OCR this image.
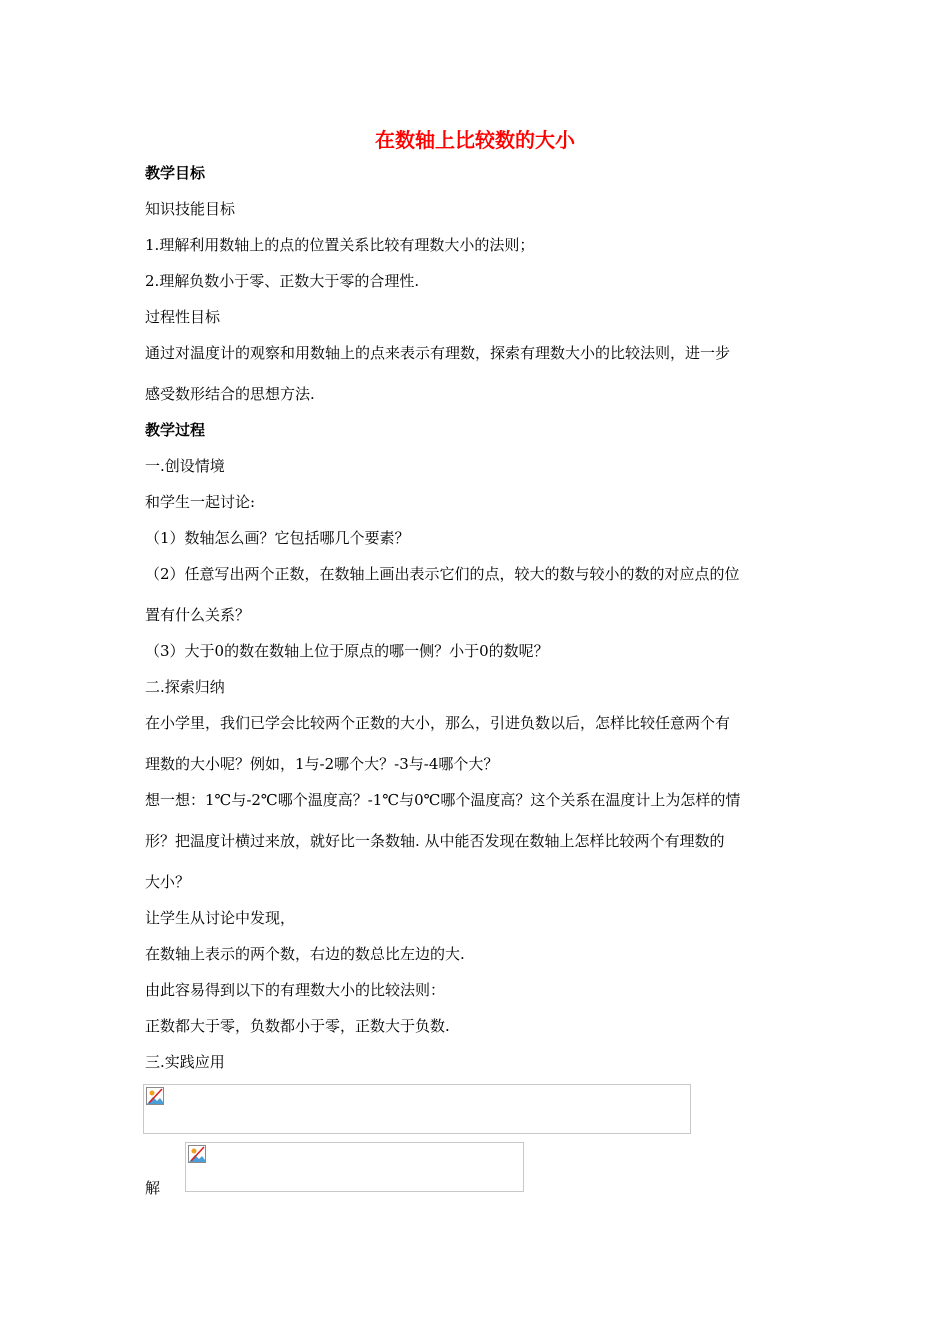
在数轴上比较数的大小
教学目标
知识技能目标
1.理解利用数轴上的点的位置关系比较有理数大小的法则；
2.理解负数小于零、正数大于零的合理性.
过程性目标
通过对温度计的观察和用数轴上的点来表示有理数，探索有理数大小的比较法则，进一步
感受数形结合的思想方法.
教学过程
一.创设情境
和学生一起讨论:
（1）数轴怎么画？它包括哪几个要素？
（2）任意写出两个正数，在数轴上画出表示它们的点，较大的数与较小的数的对应点的位
置有什么关系？
（3）大于0的数在数轴上位于原点的哪一侧？小于0的数呢？
二.探索归纳
在小学里，我们已学会比较两个正数的大小，那么，引进负数以后，怎样比较任意两个有
理数的大小呢？例如，1与-2哪个大？-3与-4哪个大？
想一想：1℃与-2℃哪个温度高？-1℃与0℃哪个温度高？这个关系在温度计上为怎样的情
形？把温度计横过来放，就好比一条数轴. 从中能否发现在数轴上怎样比较两个有理数的
大小？
让学生从讨论中发现，
在数轴上表示的两个数，右边的数总比左边的大.
由此容易得到以下的有理数大小的比较法则：
正数都大于零，负数都小于零，正数大于负数.
三.实践应用
解
